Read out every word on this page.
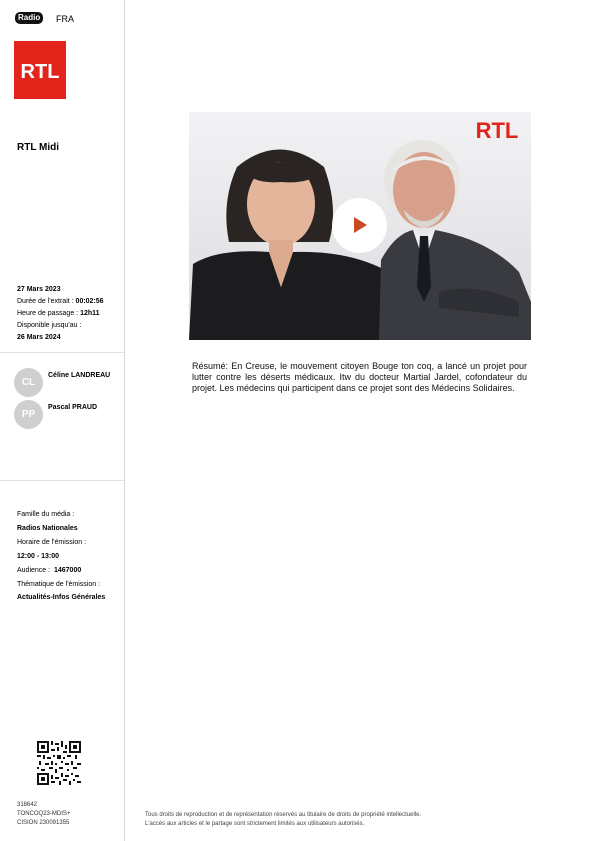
Radio	FRA
RTL
RTL Midi
27 Mars 2023
Durée de l'extrait : 00:02:56
Heure de passage : 12h11
Disponible jusqu'au :
26 Mars 2024
CL
Céline LANDREAU
PP
Pascal PRAUD
Famille du média :
Radios Nationales
Horaire de l'émission :
12:00 - 13:00
Audience : 1467000
Thématique de l'émission :
Actualités-Infos Générales
318642
TONCOQ23-MDIS+
CISION 230091355
RTL

Résumé: En Creuse, le mouvement citoyen Bouge ton coq, a lancé un projet pour lutter contre les déserts médicaux. Itw du docteur Martial Jardel, cofondateur du projet. Les médecins qui participent dans ce projet sont des Médecins Solidaires.

Tous droits de reproduction et de représentation réservés au titulaire de droits de propriété intellectuelle.
L'accès aux articles et le partage sont strictement limités aux utilisateurs autorisés.
